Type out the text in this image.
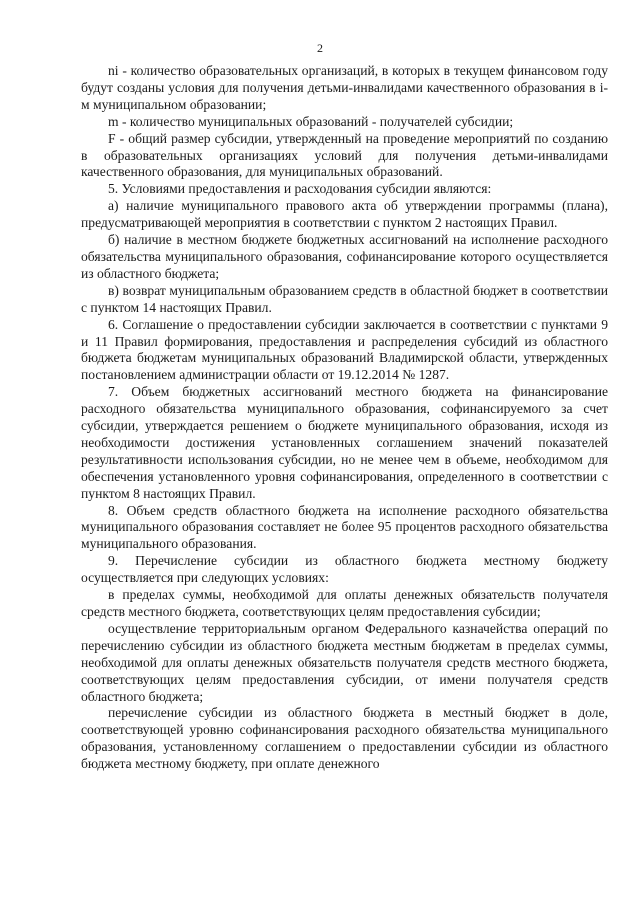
2

ni - количество образовательных организаций, в которых в текущем финансовом году будут созданы условия для получения детьми-инвалидами качественного образования в i-м муниципальном образовании;

m - количество муниципальных образований - получателей субсидии;

F - общий размер субсидии, утвержденный на проведение мероприятий по созданию в образовательных организациях условий для получения детьми-инвалидами качественного образования, для муниципальных образований.

5. Условиями предоставления и расходования субсидии являются:

а) наличие муниципального правового акта об утверждении программы (плана), предусматривающей мероприятия в соответствии с пунктом 2 настоящих Правил.

б) наличие в местном бюджете бюджетных ассигнований на исполнение расходного обязательства муниципального образования, софинансирование которого осуществляется из областного бюджета;

в) возврат муниципальным образованием средств в областной бюджет в соответствии с пунктом 14 настоящих Правил.

6. Соглашение о предоставлении субсидии заключается в соответствии с пунктами 9 и 11 Правил формирования, предоставления и распределения субсидий из областного бюджета бюджетам муниципальных образований Владимирской области, утвержденных постановлением администрации области от 19.12.2014 № 1287.

7. Объем бюджетных ассигнований местного бюджета на финансирование расходного обязательства муниципального образования, софинансируемого за счет субсидии, утверждается решением о бюджете муниципального образования, исходя из необходимости достижения установленных соглашением значений показателей результативности использования субсидии, но не менее чем в объеме, необходимом для обеспечения установленного уровня софинансирования, определенного в соответствии с пунктом 8 настоящих Правил.

8. Объем средств областного бюджета на исполнение расходного обязательства муниципального образования составляет не более 95 процентов расходного обязательства муниципального образования.

9. Перечисление субсидии из областного бюджета местному бюджету осуществляется при следующих условиях:

в пределах суммы, необходимой для оплаты денежных обязательств получателя средств местного бюджета, соответствующих целям предоставления субсидии;

осуществление территориальным органом Федерального казначейства операций по перечислению субсидии из областного бюджета местным бюджетам в пределах суммы, необходимой для оплаты денежных обязательств получателя средств местного бюджета, соответствующих целям предоставления субсидии, от имени получателя средств областного бюджета;

перечисление субсидии из областного бюджета в местный бюджет в доле, соответствующей уровню софинансирования расходного обязательства муниципального образования, установленному соглашением о предоставлении субсидии из областного бюджета местному бюджету, при оплате денежного
